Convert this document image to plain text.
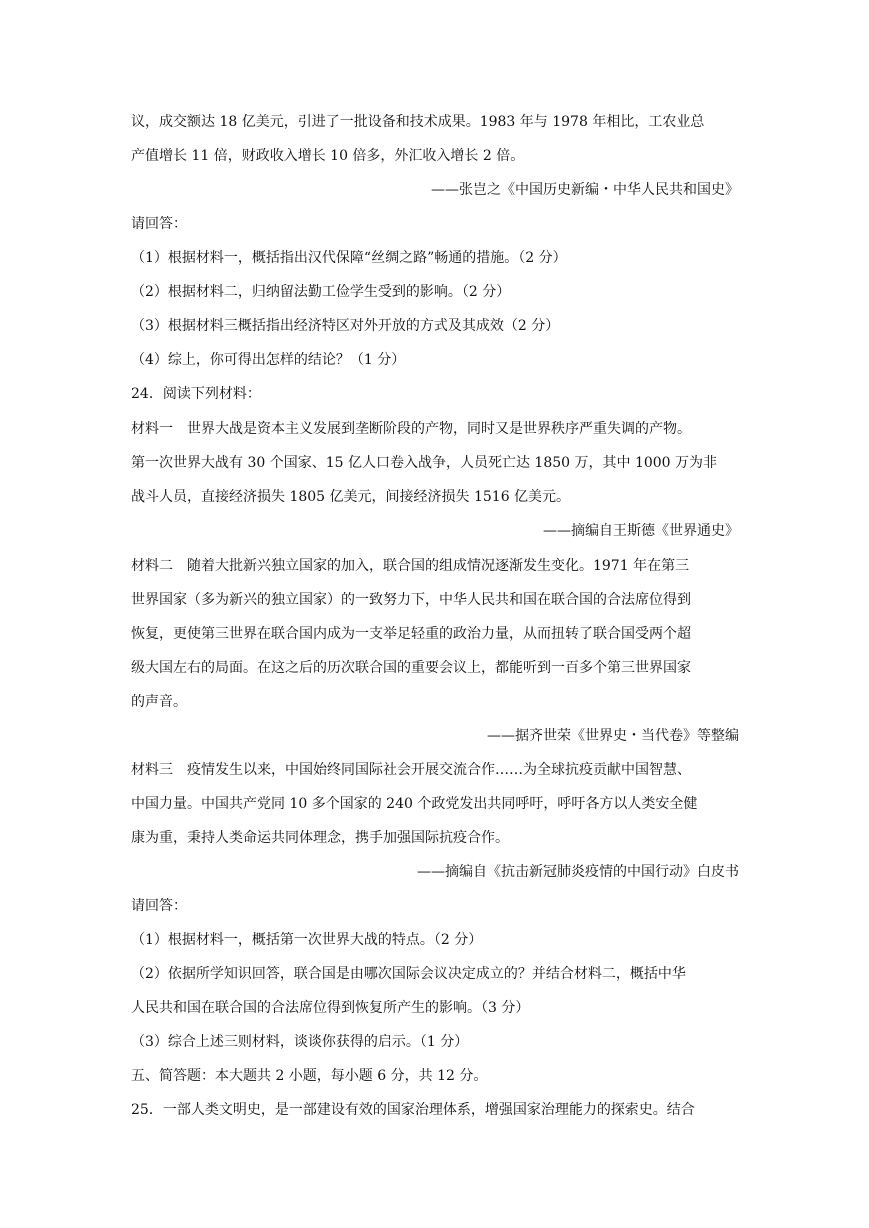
议，成交额达 18 亿美元，引进了一批设备和技术成果。1983 年与 1978 年相比，工农业总
产值增长 11 倍，财政收入增长 10 倍多，外汇收入增长 2 倍。
——张岂之《中国历史新编・中华人民共和国史》
请回答：
（1）根据材料一，概括指出汉代保障“丝绸之路”畅通的措施。（2 分）
（2）根据材料二，归纳留法勤工俭学生受到的影响。（2 分）
（3）根据材料三概括指出经济特区对外开放的方式及其成效（2 分）
（4）综上，你可得出怎样的结论？（1 分）
24．阅读下列材料：
材料一　世界大战是资本主义发展到垄断阶段的产物，同时又是世界秩序严重失调的产物。
第一次世界大战有 30 个国家、15 亿人口卷入战争，人员死亡达 1850 万，其中 1000 万为非
战斗人员，直接经济损失 1805 亿美元，间接经济损失 1516 亿美元。
——摘编自王斯德《世界通史》
材料二　随着大批新兴独立国家的加入，联合国的组成情况逐渐发生变化。1971 年在第三
世界国家（多为新兴的独立国家）的一致努力下，中华人民共和国在联合国的合法席位得到
恢复，更使第三世界在联合国内成为一支举足轻重的政治力量，从而扭转了联合国受两个超
级大国左右的局面。在这之后的历次联合国的重要会议上，都能听到一百多个第三世界国家
的声音。
——据齐世荣《世界史・当代卷》等整编
材料三　疫情发生以来，中国始终同国际社会开展交流合作……为全球抗疫贡献中国智慧、
中国力量。中国共产党同 10 多个国家的 240 个政党发出共同呼吁，呼吁各方以人类安全健
康为重，秉持人类命运共同体理念，携手加强国际抗疫合作。
——摘编自《抗击新冠肺炎疫情的中国行动》白皮书
请回答：
（1）根据材料一，概括第一次世界大战的特点。（2 分）
（2）依据所学知识回答，联合国是由哪次国际会议决定成立的？并结合材料二，概括中华
人民共和国在联合国的合法席位得到恢复所产生的影响。（3 分）
（3）综合上述三则材料，谈谈你获得的启示。（1 分）
五、简答题：本大题共 2 小题，每小题 6 分，共 12 分。
25．一部人类文明史，是一部建设有效的国家治理体系，增强国家治理能力的探索史。结合
